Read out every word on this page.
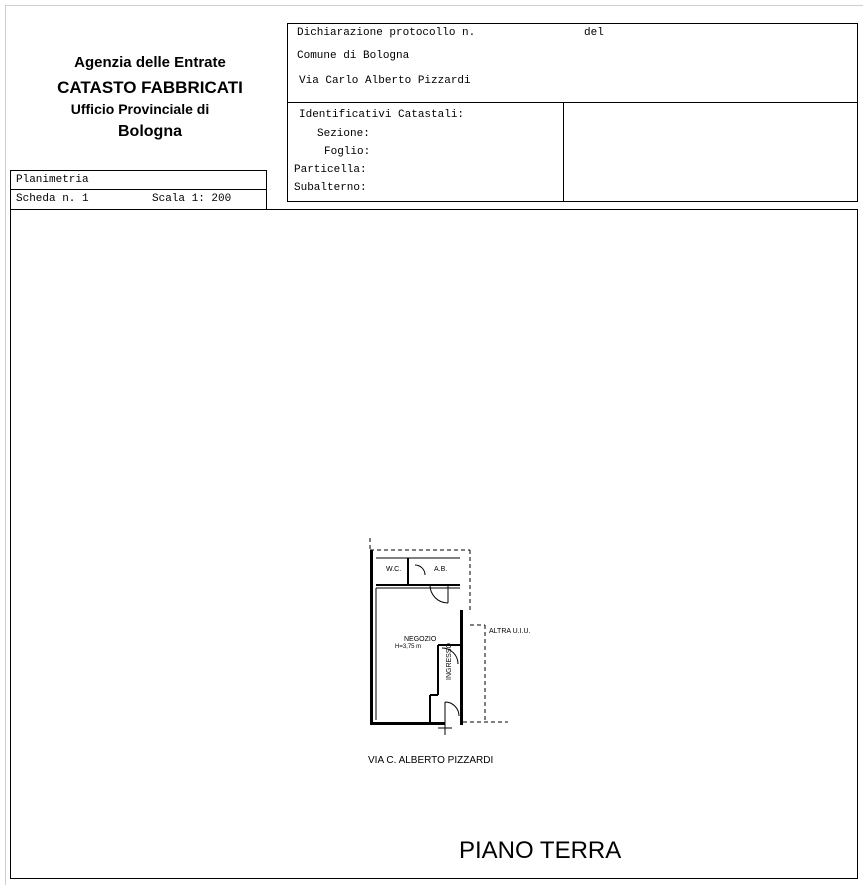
Agenzia delle Entrate
CATASTO FABBRICATI
Ufficio Provinciale di
Bologna
Planimetria
Scheda n. 1	Scala 1: 200
Dichiarazione protocollo n.	del
Comune di Bologna
Via Carlo Alberto Pizzardi
Identificativi Catastali:
Sezione:
Foglio:
Particella:
Subalterno:
W.C.	A.B.
NEGOZIO
H=3,75 m	INGRESSO
ALTRA U.I.U.
VIA C. ALBERTO PIZZARDI
PIANO TERRA
